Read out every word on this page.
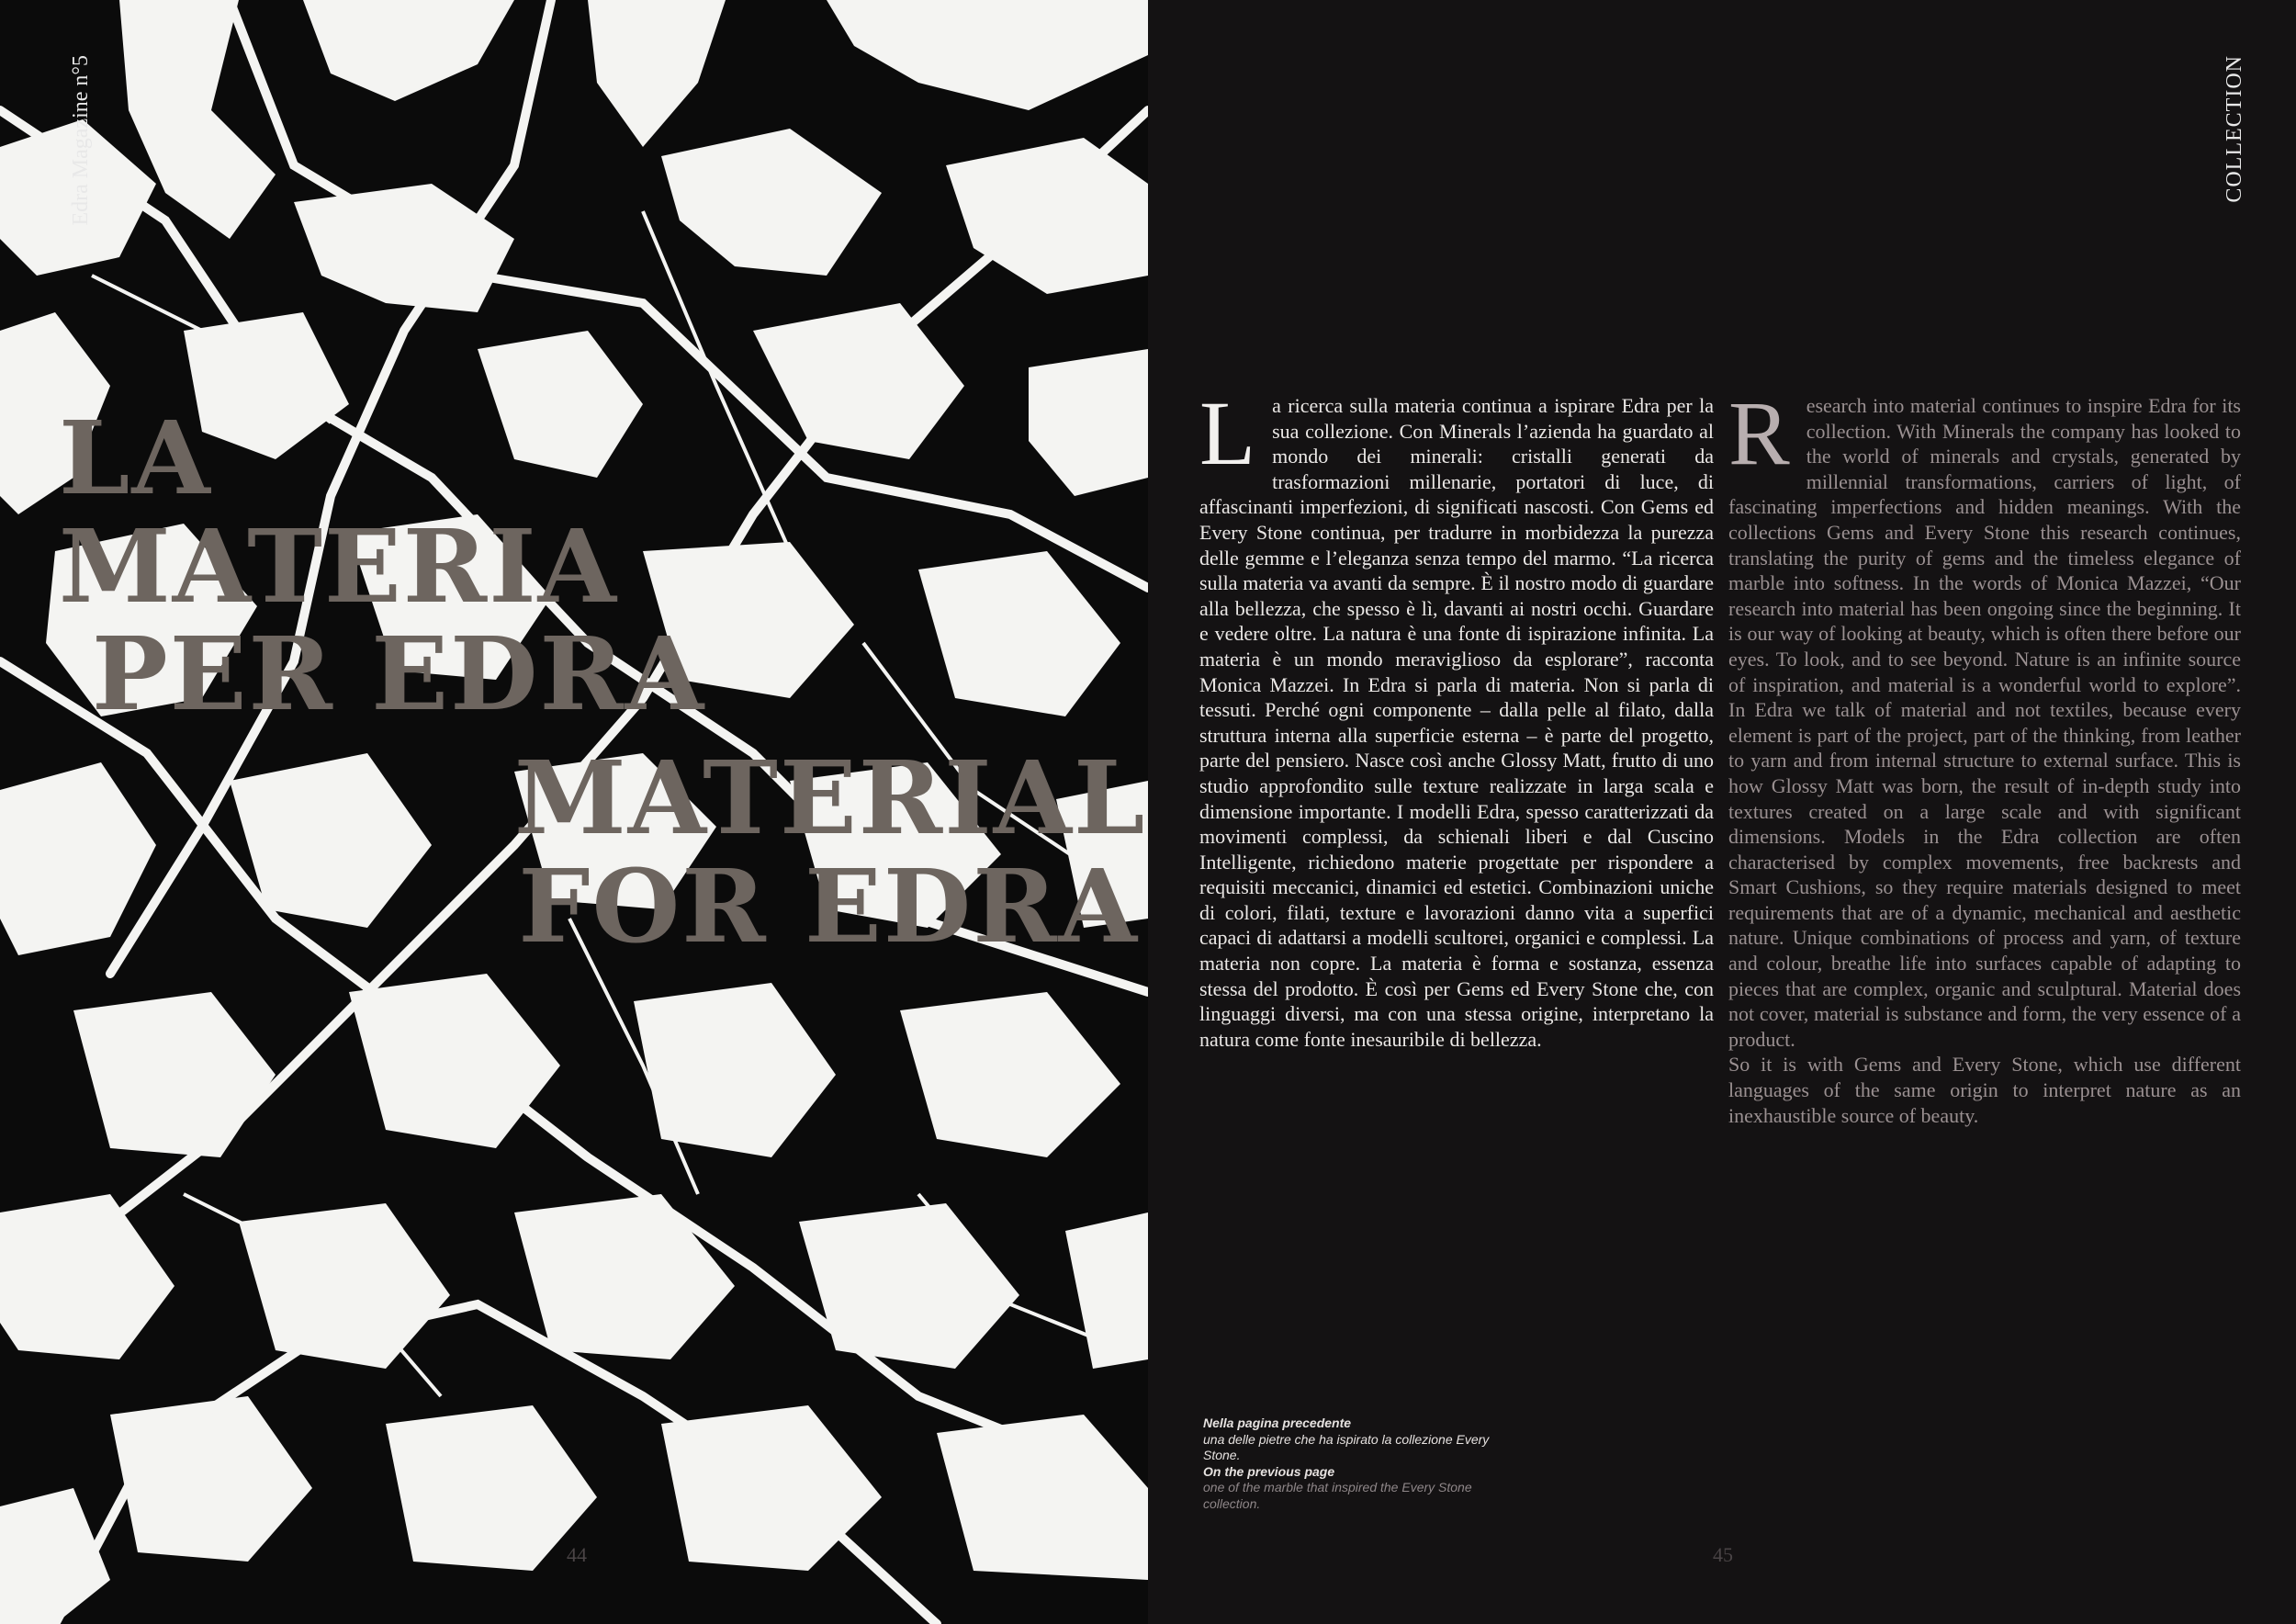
Edra Magazine n°5
LA MATERIA
PER EDRA
MATERIAL
FOR EDRA
44
COLLECTION
L a ricerca sulla materia continua a ispirare Edra per la sua collezione. Con Minerals l’azienda ha guardato al mondo dei minerali: cristalli generati da trasformazioni millenarie, portatori di luce, di affascinanti imperfezioni, di significati nascosti. Con Gems ed Every Stone continua, per tradurre in morbidezza la purezza delle gemme e l’eleganza senza tempo del marmo. “La ricerca sulla materia va avanti da sempre. È il nostro modo di guardare alla bellezza, che spesso è lì, davanti ai nostri occhi. Guardare e vedere oltre. La natura è una fonte di ispirazione infinita. La materia è un mondo meraviglioso da esplorare”, racconta Monica Mazzei. In Edra si parla di materia. Non si parla di tessuti. Perché ogni componente – dalla pelle al filato, dalla struttura interna alla superficie esterna – è parte del progetto, parte del pensiero. Nasce così anche Glossy Matt, frutto di uno studio approfondito sulle texture realizzate in larga scala e dimensione importante. I modelli Edra, spesso caratterizzati da movimenti complessi, da schienali liberi e dal Cuscino Intelligente, richiedono materie progettate per rispondere a requisiti meccanici, dinamici ed estetici. Combinazioni uniche di colori, filati, texture e lavorazioni danno vita a superfici capaci di adattarsi a modelli scultorei, organici e complessi. La materia non copre. La materia è forma e sostanza, essenza stessa del prodotto. È così per Gems ed Every Stone che, con linguaggi diversi, ma con una stessa origine, interpretano la natura come fonte inesauribile di bellezza.

R esearch into material continues to inspire Edra for its collection. With Minerals the company has looked to the world of minerals and crystals, generated by millennial transformations, carriers of light, of fascinating imperfections and hidden meanings. With the collections Gems and Every Stone this research continues, translating the purity of gems and the timeless elegance of marble into softness. In the words of Monica Mazzei, “Our research into material has been ongoing since the beginning. It is our way of looking at beauty, which is often there before our eyes. To look, and to see beyond. Nature is an infinite source of inspiration, and material is a wonderful world to explore”. In Edra we talk of material and not textiles, because every element is part of the project, part of the thinking, from leather to yarn and from internal structure to external surface. This is how Glossy Matt was born, the result of in-depth study into textures created on a large scale and with significant dimensions. Models in the Edra collection are often characterised by complex movements, free backrests and Smart Cushions, so they require materials designed to meet requirements that are of a dynamic, mechanical and aesthetic nature. Unique combinations of process and yarn, of texture and colour, breathe life into surfaces capable of adapting to pieces that are complex, organic and sculptural. Material does not cover, material is substance and form, the very essence of a product.

So it is with Gems and Every Stone, which use different languages of the same origin to interpret nature as an inexhaustible source of beauty.

Nella pagina precedente
una delle pietre che ha ispirato la collezione Every Stone.
On the previous page
one of the marble that inspired the Every Stone collection.
45
